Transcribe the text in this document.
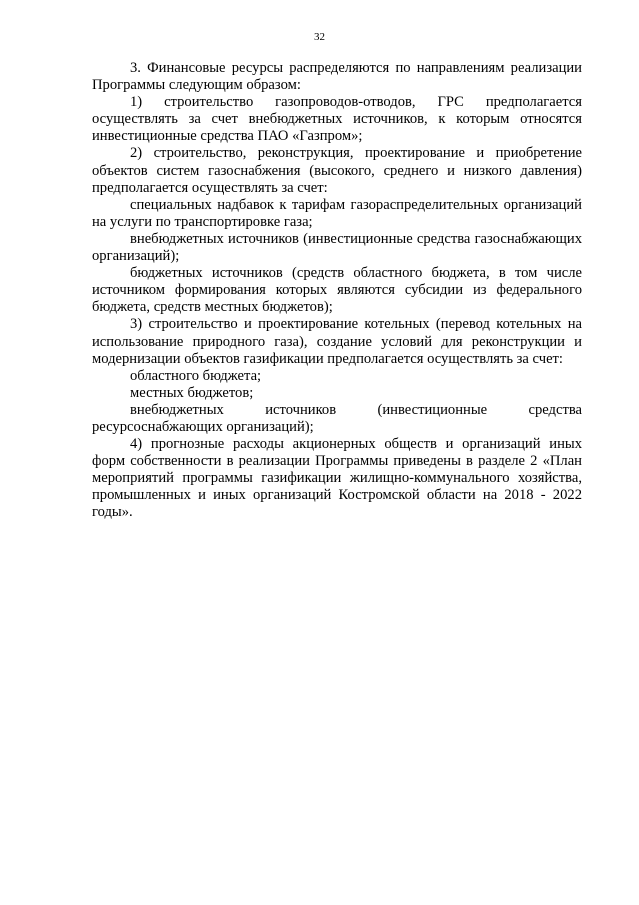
32

3. Финансовые ресурсы распределяются по направлениям реализации Программы следующим образом:

1) строительство газопроводов-отводов, ГРС предполагается осуществлять за счет внебюджетных источников, к которым относятся инвестиционные средства ПАО «Газпром»;

2) строительство, реконструкция, проектирование и приобретение объектов систем газоснабжения (высокого, среднего и низкого давления) предполагается осуществлять за счет:

специальных надбавок к тарифам газораспределительных организаций на услуги по транспортировке газа;

внебюджетных источников (инвестиционные средства газоснабжающих организаций);

бюджетных источников (средств областного бюджета, в том числе источником формирования которых являются субсидии из федерального бюджета, средств местных бюджетов);

3) строительство и проектирование котельных (перевод котельных на использование природного газа), создание условий для реконструкции и модернизации объектов газификации предполагается осуществлять за счет:

областного бюджета;

местных бюджетов;

внебюджетных источников (инвестиционные средства ресурсоснабжающих организаций);

4) прогнозные расходы акционерных обществ и организаций иных форм собственности в реализации Программы приведены в разделе 2 «План мероприятий программы газификации жилищно-коммунального хозяйства, промышленных и иных организаций Костромской области на 2018 - 2022 годы».
